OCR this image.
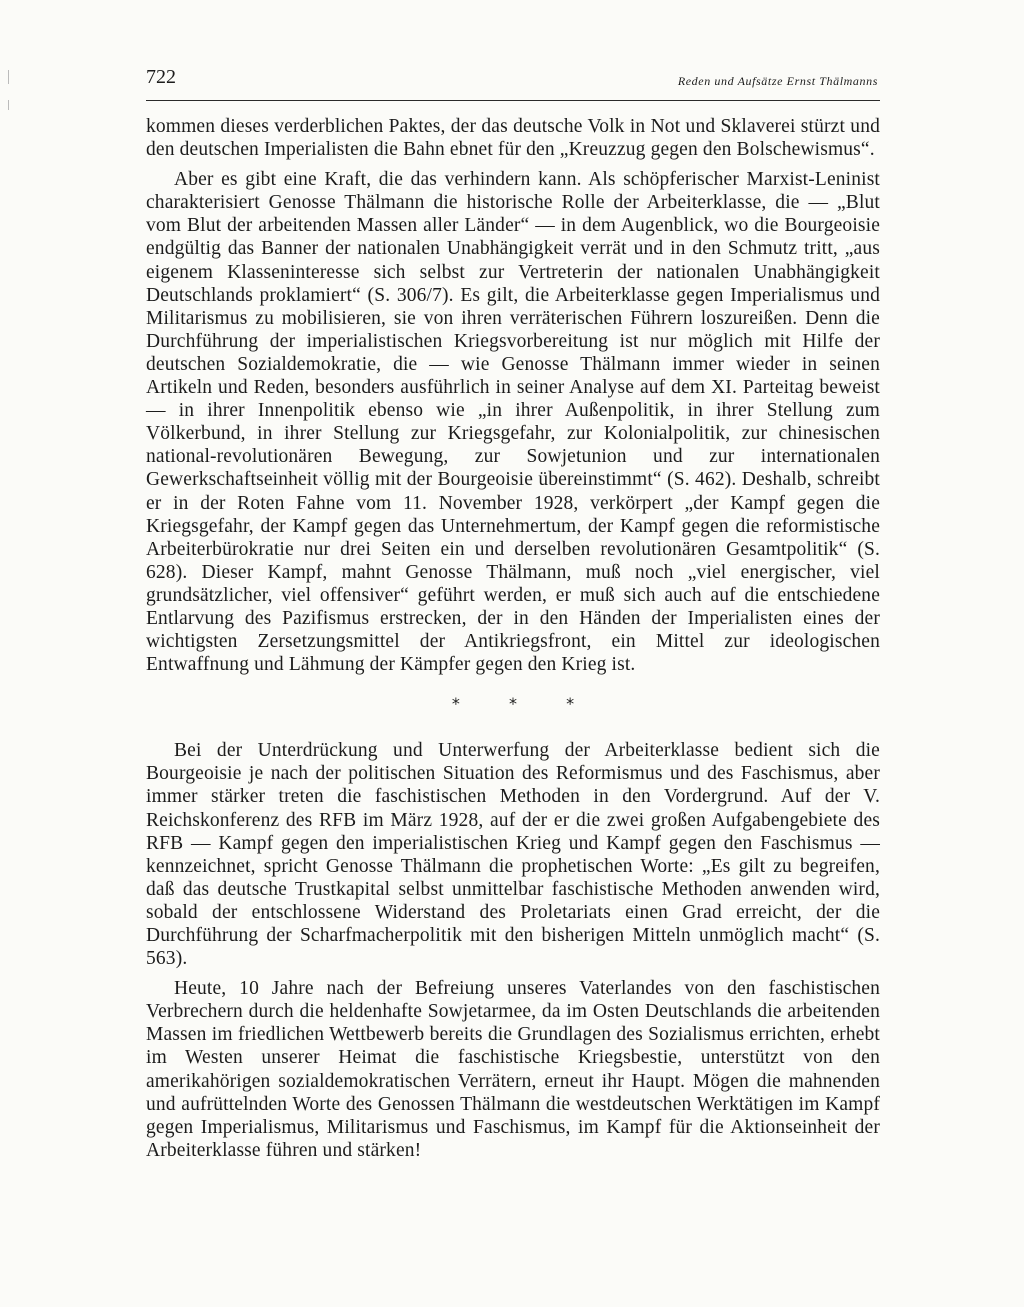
722	Reden und Aufsätze Ernst Thälmanns

kommen dieses verderblichen Paktes, der das deutsche Volk in Not und Sklaverei stürzt und den deutschen Imperialisten die Bahn ebnet für den „Kreuzzug gegen den Bolschewismus“.

Aber es gibt eine Kraft, die das verhindern kann. Als schöpferischer Marxist-Leninist charakterisiert Genosse Thälmann die historische Rolle der Arbeiterklasse, die — „Blut vom Blut der arbeitenden Massen aller Länder“ — in dem Augenblick, wo die Bourgeoisie endgültig das Banner der nationalen Unabhängigkeit verrät und in den Schmutz tritt, „aus eigenem Klasseninteresse sich selbst zur Vertreterin der nationalen Unabhängigkeit Deutschlands proklamiert“ (S. 306/7). Es gilt, die Arbeiterklasse gegen Imperialismus und Militarismus zu mobilisieren, sie von ihren verräterischen Führern loszureißen. Denn die Durchführung der imperialistischen Kriegsvorbereitung ist nur möglich mit Hilfe der deutschen Sozialdemokratie, die — wie Genosse Thälmann immer wieder in seinen Artikeln und Reden, besonders ausführlich in seiner Analyse auf dem XI. Parteitag beweist — in ihrer Innenpolitik ebenso wie „in ihrer Außenpolitik, in ihrer Stellung zum Völkerbund, in ihrer Stellung zur Kriegsgefahr, zur Kolonialpolitik, zur chinesischen national-revolutionären Bewegung, zur Sowjetunion und zur internationalen Gewerkschaftseinheit völlig mit der Bourgeoisie übereinstimmt“ (S. 462). Deshalb, schreibt er in der Roten Fahne vom 11. November 1928, verkörpert „der Kampf gegen die Kriegsgefahr, der Kampf gegen das Unternehmertum, der Kampf gegen die reformistische Arbeiterbürokratie nur drei Seiten ein und derselben revolutionären Gesamtpolitik“ (S. 628). Dieser Kampf, mahnt Genosse Thälmann, muß noch „viel energischer, viel grundsätzlicher, viel offensiver“ geführt werden, er muß sich auch auf die entschiedene Entlarvung des Pazifismus erstrecken, der in den Händen der Imperialisten eines der wichtigsten Zersetzungsmittel der Antikriegsfront, ein Mittel zur ideologischen Entwaffnung und Lähmung der Kämpfer gegen den Krieg ist.

* * *

Bei der Unterdrückung und Unterwerfung der Arbeiterklasse bedient sich die Bourgeoisie je nach der politischen Situation des Reformismus und des Faschismus, aber immer stärker treten die faschistischen Methoden in den Vordergrund. Auf der V. Reichskonferenz des RFB im März 1928, auf der er die zwei großen Aufgabengebiete des RFB — Kampf gegen den imperialistischen Krieg und Kampf gegen den Faschismus — kennzeichnet, spricht Genosse Thälmann die prophetischen Worte: „Es gilt zu begreifen, daß das deutsche Trustkapital selbst unmittelbar faschistische Methoden anwenden wird, sobald der entschlossene Widerstand des Proletariats einen Grad erreicht, der die Durchführung der Scharfmacherpolitik mit den bisherigen Mitteln unmöglich macht“ (S. 563).

Heute, 10 Jahre nach der Befreiung unseres Vaterlandes von den faschistischen Verbrechern durch die heldenhafte Sowjetarmee, da im Osten Deutschlands die arbeitenden Massen im friedlichen Wettbewerb bereits die Grundlagen des Sozialismus errichten, erhebt im Westen unserer Heimat die faschistische Kriegsbestie, unterstützt von den amerikahörigen sozialdemokratischen Verrätern, erneut ihr Haupt. Mögen die mahnenden und aufrüttelnden Worte des Genossen Thälmann die westdeutschen Werktätigen im Kampf gegen Imperialismus, Militarismus und Faschismus, im Kampf für die Aktionseinheit der Arbeiterklasse führen und stärken!
